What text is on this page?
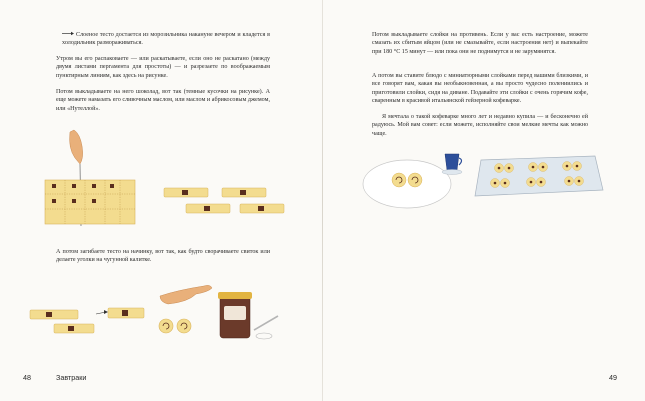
Слоеное тесто достается из морозильника накануне вечером и кладется в холодильник размораживаться.

Утром вы его распаковаете — или раскатываете, если оно не раскатано (между двумя листами пергамента для простоты) — и разрезаете по воображаемым пунктирным линиям, как здесь на рисунке.

Потом выкладываете на него шоколад, вот так (темные кусочки на рисунке). А еще можете намазать его сливочным маслом, или маслом и абрикосовым джемом, или «Нутеллой».

А потом загибаете тесто на начинку, вот так, как будто сворачиваете свиток или делаете уголки на чугунной калитке.

48	Завтраки

Потом выкладываете слойки на противень. Если у вас есть настроение, можете смазать их сбитым яйцом (или не смазывайте, если настроения нет) и выпекайте при 180 °C 15 минут — или пока они не поднимутся и не зарумянятся.

А потом вы ставите блюдо с миниатюрными слойками перед вашими близкими, и все говорят вам, какая вы необыкновенная, а вы просто чудесно полениились и приготовили слойки, сидя на диване. Подавайте эти слойки с очень горячим кофе, сваренным в красивой итальянской гейзерной кофеварке.

Я мечтала о такой кофеварке много лет и недавно купила — и бесконечно ей радуюсь. Мой вам совет: если можете, исполняйте свои мелкие мечты как можно чаще.

49
